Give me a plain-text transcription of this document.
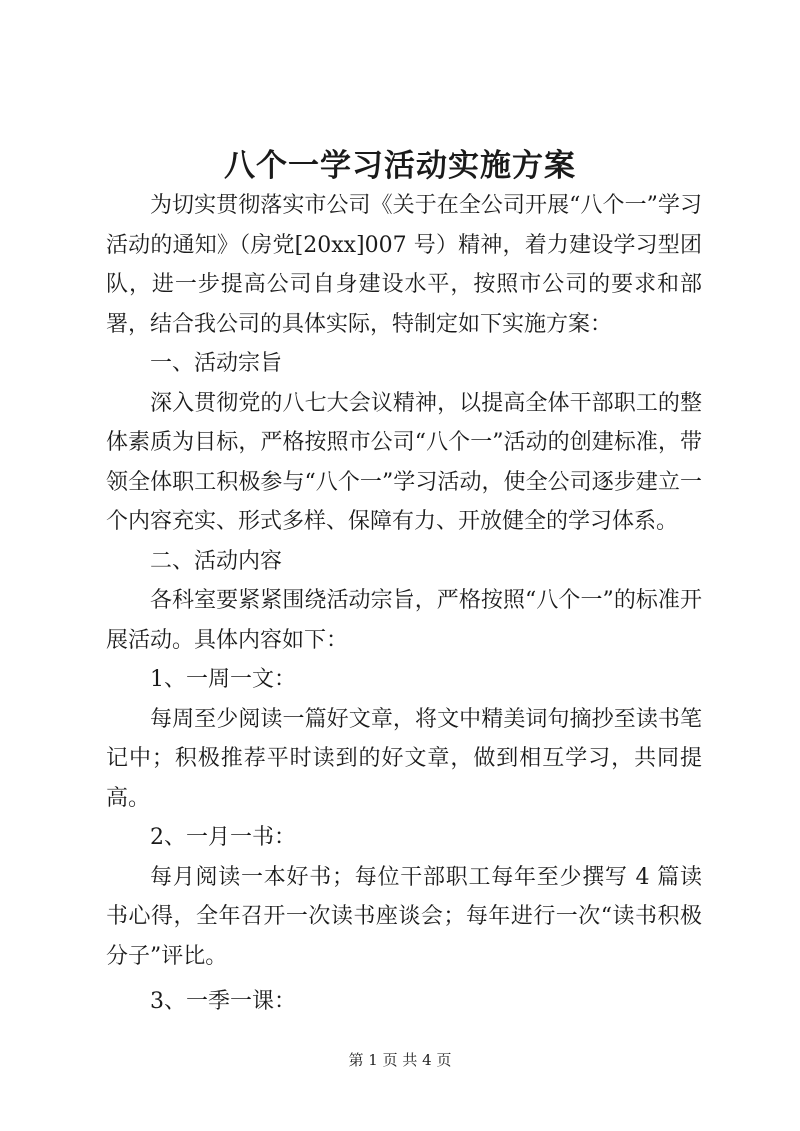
八个一学习活动实施方案

为切实贯彻落实市公司《关于在全公司开展“八个一”学习活动的通知》（房党[20xx]007 号）精神，着力建设学习型团队，进一步提高公司自身建设水平，按照市公司的要求和部署，结合我公司的具体实际，特制定如下实施方案：

一、活动宗旨

深入贯彻党的八七大会议精神，以提高全体干部职工的整体素质为目标，严格按照市公司“八个一”活动的创建标准，带领全体职工积极参与“八个一”学习活动，使全公司逐步建立一个内容充实、形式多样、保障有力、开放健全的学习体系。

二、活动内容

各科室要紧紧围绕活动宗旨，严格按照“八个一”的标准开展活动。具体内容如下：

1、一周一文：

每周至少阅读一篇好文章，将文中精美词句摘抄至读书笔记中；积极推荐平时读到的好文章，做到相互学习，共同提高。

2、一月一书：

每月阅读一本好书；每位干部职工每年至少撰写 4 篇读书心得，全年召开一次读书座谈会；每年进行一次“读书积极分子”评比。

3、一季一课：

第 1 页 共 4 页
